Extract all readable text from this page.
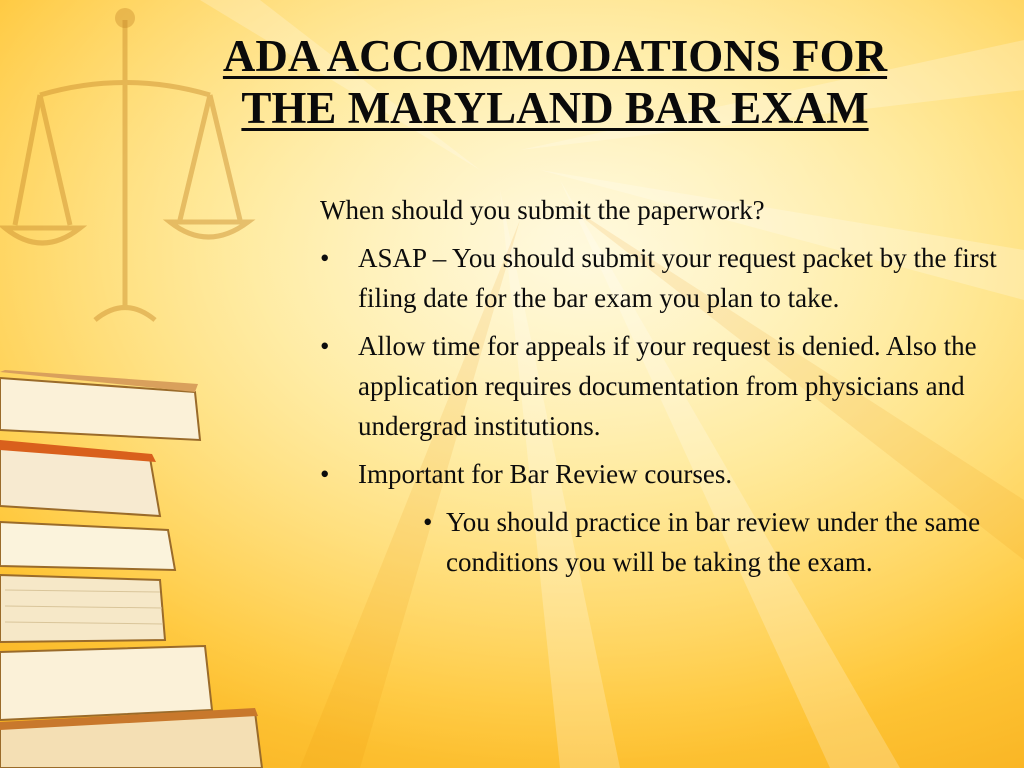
ADA ACCOMMODATIONS FOR
THE MARYLAND BAR EXAM

When should you submit the paperwork?

• ASAP – You should submit your request packet by the first filing date for the bar exam you plan to take.
• Allow time for appeals if your request is denied. Also the application requires documentation from physicians and undergrad institutions.
• Important for Bar Review courses.
• You should practice in bar review under the same conditions you will be taking the exam.
